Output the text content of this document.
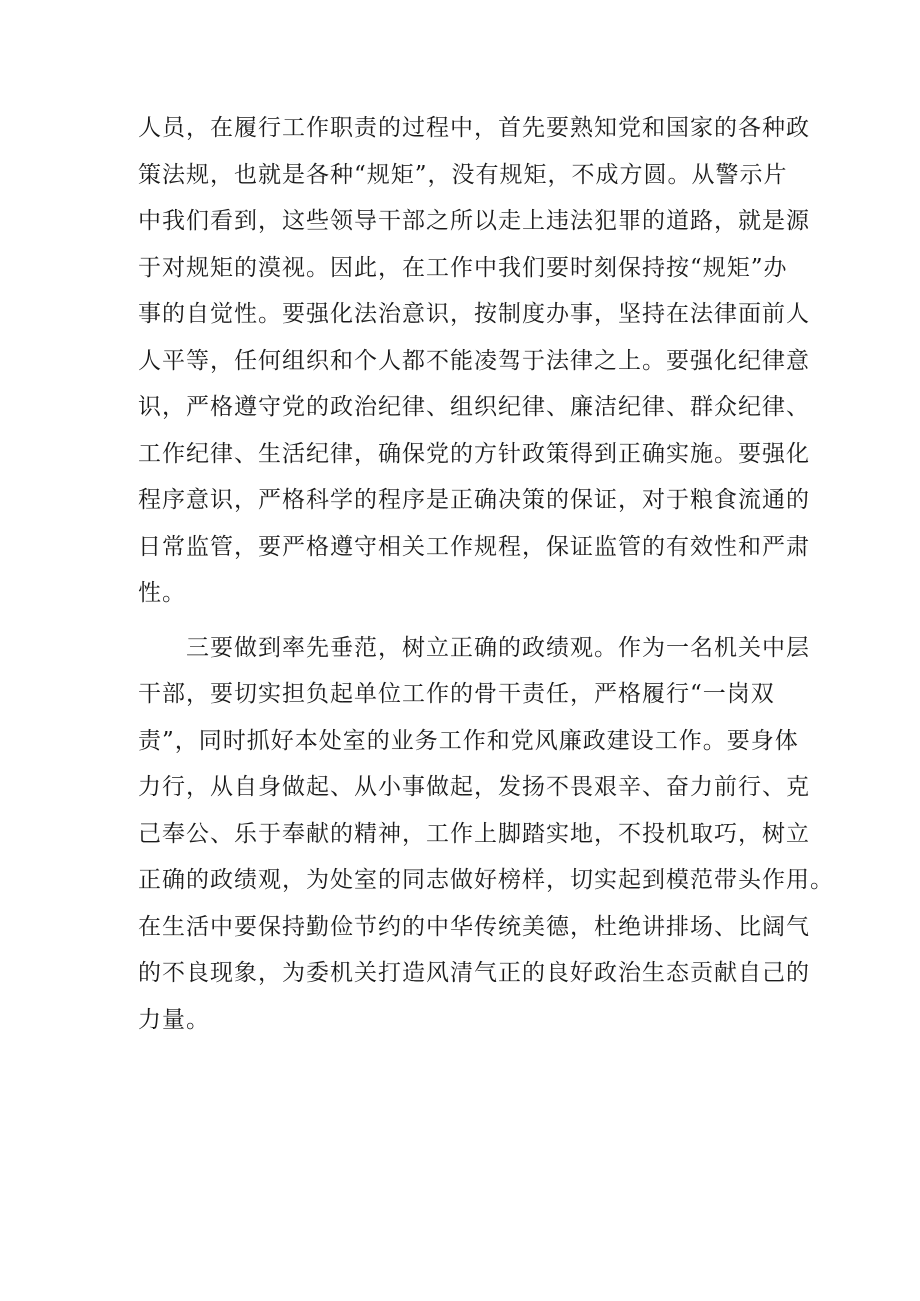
人员，在履行工作职责的过程中，首先要熟知党和国家的各种政
策法规，也就是各种“规矩”，没有规矩，不成方圆。从警示片
中我们看到，这些领导干部之所以走上违法犯罪的道路，就是源
于对规矩的漠视。因此，在工作中我们要时刻保持按“规矩”办
事的自觉性。要强化法治意识，按制度办事，坚持在法律面前人
人平等，任何组织和个人都不能凌驾于法律之上。要强化纪律意
识，严格遵守党的政治纪律、组织纪律、廉洁纪律、群众纪律、
工作纪律、生活纪律，确保党的方针政策得到正确实施。要强化
程序意识，严格科学的程序是正确决策的保证，对于粮食流通的
日常监管，要严格遵守相关工作规程，保证监管的有效性和严肃
性。
　　三要做到率先垂范，树立正确的政绩观。作为一名机关中层
干部，要切实担负起单位工作的骨干责任，严格履行“一岗双
责”，同时抓好本处室的业务工作和党风廉政建设工作。要身体
力行，从自身做起、从小事做起，发扬不畏艰辛、奋力前行、克
己奉公、乐于奉献的精神，工作上脚踏实地，不投机取巧，树立
正确的政绩观，为处室的同志做好榜样，切实起到模范带头作用。
在生活中要保持勤俭节约的中华传统美德，杜绝讲排场、比阔气
的不良现象，为委机关打造风清气正的良好政治生态贡献自己的
力量。
